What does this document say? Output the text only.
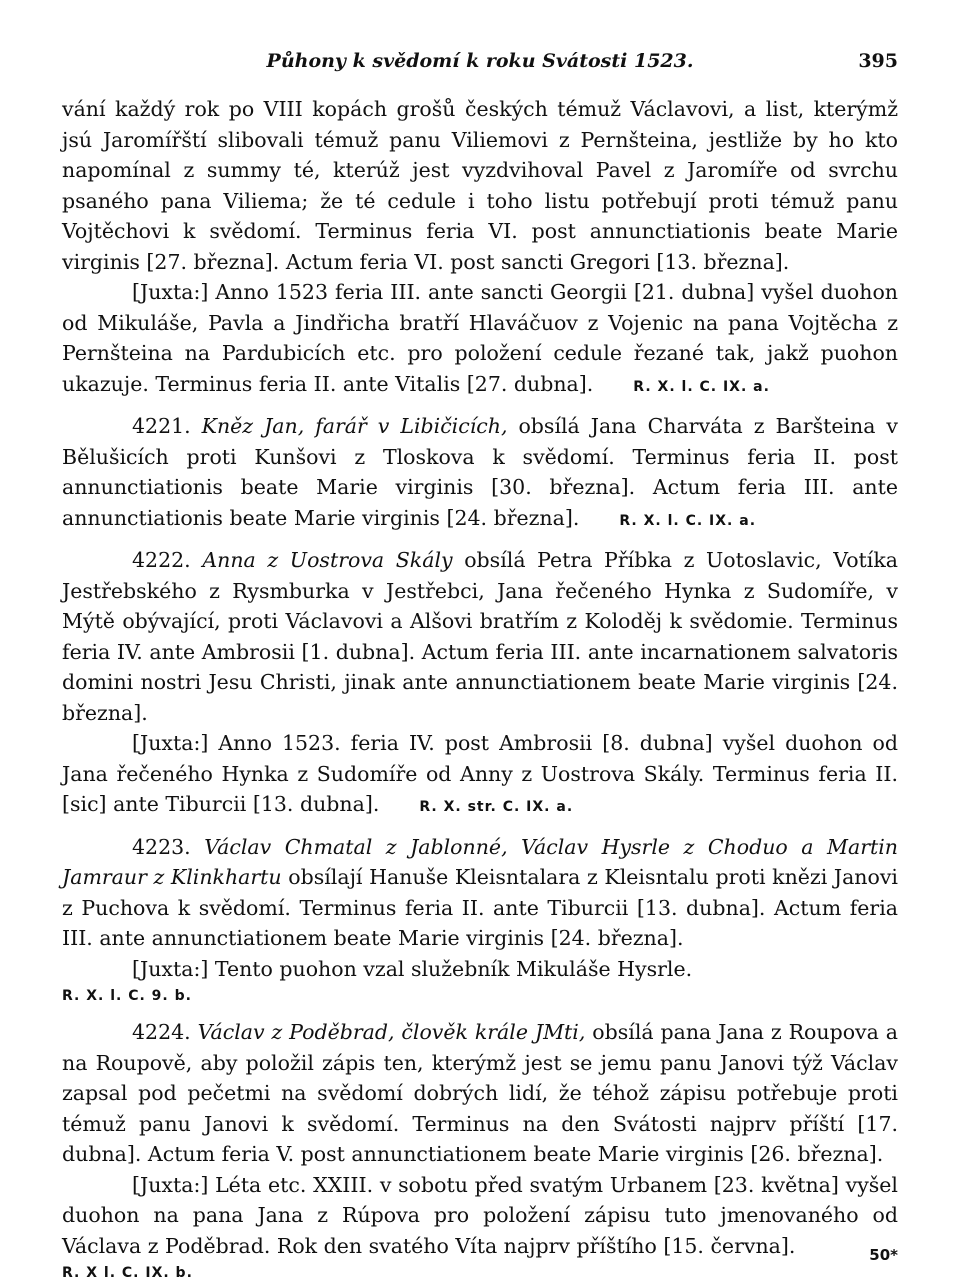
Půhony k svědomí k roku Svátosti 1523.	395

vání každý rok po VIII kopách grošů českých témuž Václavovi, a list, kterýmž jsú Jaromířští slibovali témuž panu Viliemovi z Pernšteina, jestliže by ho kto napomínal z summy té, kterúž jest vyzdvihoval Pavel z Jaromíře od svrchu psaného pana Viliema; že té cedule i toho listu potřebují proti témuž panu Vojtěchovi k svědomí. Terminus feria VI. post annunctiationis beate Marie virginis [27. března]. Actum feria VI. post sancti Gregori [13. března].

[Juxta:] Anno 1523 feria III. ante sancti Georgii [21. dubna] vyšel duohon od Mikuláše, Pavla a Jindřicha bratří Hlaváčuov z Vojenic na pana Vojtěcha z Pernšteina na Pardubicích etc. pro položení cedule řezané tak, jakž puohon ukazuje. Terminus feria II. ante Vitalis [27. dubna].	R. X. l. C. IX. a.

4221. Kněz Jan, farář v Libičicích, obsílá Jana Charváta z Baršteina v Bělušicích proti Kunšovi z Tloskova k svědomí. Terminus feria II. post annunctiationis beate Marie virginis [30. března]. Actum feria III. ante annunctiationis beate Marie virginis [24. března].	R. X. l. C. IX. a.

4222. Anna z Uostrova Skály obsílá Petra Příbka z Uotoslavic, Votíka Jestřebského z Rysmburka v Jestřebci, Jana řečeného Hynka z Sudomíře, v Mýtě obývající, proti Václavovi a Alšovi bratřím z Koloděj k svědomie. Terminus feria IV. ante Ambrosii [1. dubna]. Actum feria III. ante incarnationem salvatoris domini nostri Jesu Christi, jinak ante annunctiationem beate Marie virginis [24. března].

[Juxta:] Anno 1523. feria IV. post Ambrosii [8. dubna] vyšel duohon od Jana řečeného Hynka z Sudomíře od Anny z Uostrova Skály. Terminus feria II. [sic] ante Tiburcii [13. dubna].	R. X. str. C. IX. a.

4223. Václav Chmatal z Jablonné, Václav Hysrle z Choduo a Martin Jamraur z Klinkhartu obsílají Hanuše Kleisntalara z Kleisntalu proti knězi Janovi z Puchova k svědomí. Terminus feria II. ante Tiburcii [13. dubna]. Actum feria III. ante annunctiationem beate Marie virginis [24. března].

[Juxta:] Tento puohon vzal služebník Mikuláše Hysrle.

R. X. l. C. 9. b.

4224. Václav z Poděbrad, člověk krále JMti, obsílá pana Jana z Roupova a na Roupově, aby položil zápis ten, kterýmž jest se jemu panu Janovi týž Václav zapsal pod pečetmi na svědomí dobrých lidí, že téhož zápisu potřebuje proti témuž panu Janovi k svědomí. Terminus na den Svátosti najprv příští [17. dubna]. Actum feria V. post annunctiationem beate Marie virginis [26. března].

[Juxta:] Léta etc. XXIII. v sobotu před svatým Urbanem [23. května] vyšel duohon na pana Jana z Rúpova pro položení zápisu tuto jmenovaného od Václava z Poděbrad. Rok den svatého Víta najprv příštího [15. června].

R. X l. C. IX. b.
50*
